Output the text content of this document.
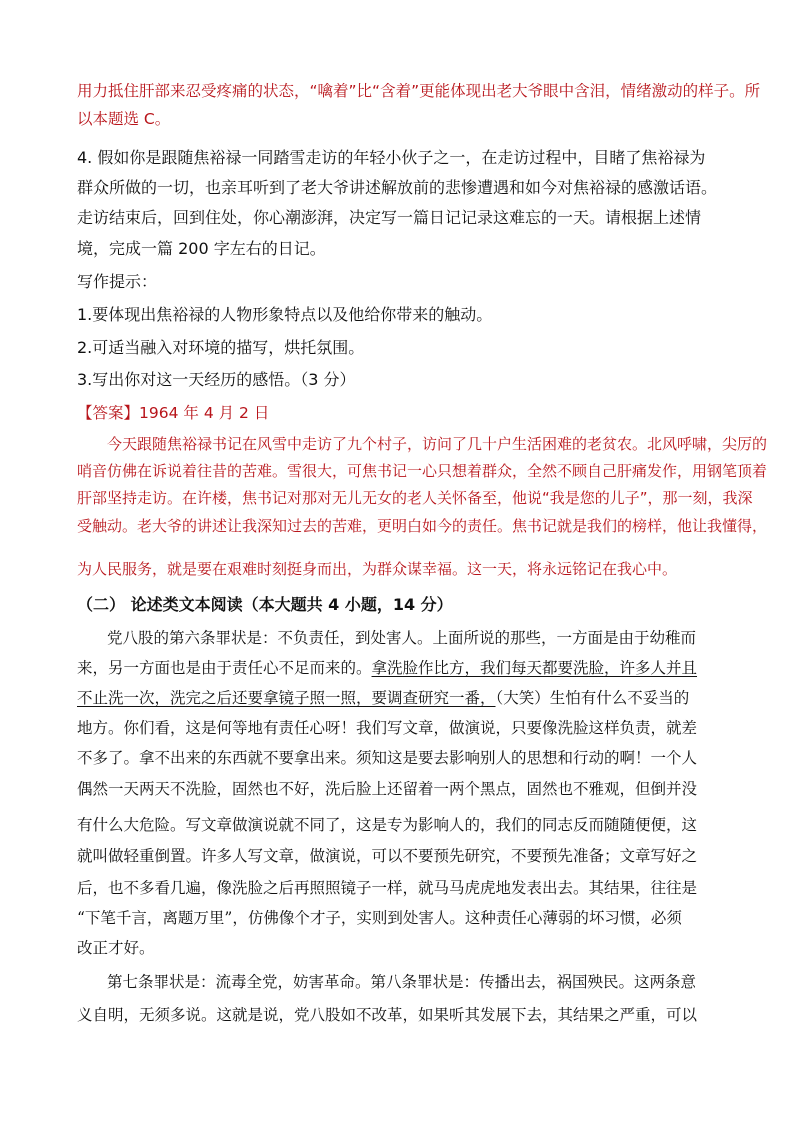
用力抵住肝部来忍受疼痛的状态，“噙着”比“含着”更能体现出老大爷眼中含泪，情绪激动的样子。所
以本题选 C。
4. 假如你是跟随焦裕禄一同踏雪走访的年轻小伙子之一，在走访过程中，目睹了焦裕禄为
群众所做的一切，也亲耳听到了老大爷讲述解放前的悲惨遭遇和如今对焦裕禄的感激话语。
走访结束后，回到住处，你心潮澎湃，决定写一篇日记记录这难忘的一天。请根据上述情
境，完成一篇 200 字左右的日记。
写作提示：
1.要体现出焦裕禄的人物形象特点以及他给你带来的触动。
2.可适当融入对环境的描写，烘托氛围。
3.写出你对这一天经历的感悟。（3 分）
【答案】1964 年 4 月 2 日
今天跟随焦裕禄书记在风雪中走访了九个村子，访问了几十户生活困难的老贫农。北风呼啸，尖厉的
哨音仿佛在诉说着往昔的苦难。雪很大，可焦书记一心只想着群众，全然不顾自己肝痛发作，用钢笔顶着
肝部坚持走访。在许楼，焦书记对那对无儿无女的老人关怀备至，他说“我是您的儿子”，那一刻，我深
受触动。老大爷的讲述让我深知过去的苦难，更明白如今的责任。焦书记就是我们的榜样，他让我懂得，
为人民服务，就是要在艰难时刻挺身而出，为群众谋幸福。这一天，将永远铭记在我心中。
（二） 论述类文本阅读（本大题共 4 小题，14 分）
党八股的第六条罪状是：不负责任，到处害人。上面所说的那些，一方面是由于幼稚而
来，另一方面也是由于责任心不足而来的。拿洗脸作比方，我们每天都要洗脸，许多人并且
不止洗一次，洗完之后还要拿镜子照一照，要调查研究一番，（大笑）生怕有什么不妥当的
地方。你们看，这是何等地有责任心呀！我们写文章，做演说，只要像洗脸这样负责，就差
不多了。拿不出来的东西就不要拿出来。须知这是要去影响别人的思想和行动的啊！一个人
偶然一天两天不洗脸，固然也不好，洗后脸上还留着一两个黑点，固然也不雅观，但倒并没
有什么大危险。写文章做演说就不同了，这是专为影响人的，我们的同志反而随随便便，这
就叫做轻重倒置。许多人写文章，做演说，可以不要预先研究，不要预先准备；文章写好之
后，也不多看几遍，像洗脸之后再照照镜子一样，就马马虎虎地发表出去。其结果，往往是
“下笔千言，离题万里”，仿佛像个才子，实则到处害人。这种责任心薄弱的坏习惯，必须
改正才好。
第七条罪状是：流毒全党，妨害革命。第八条罪状是：传播出去，祸国殃民。这两条意
义自明，无须多说。这就是说，党八股如不改革，如果听其发展下去，其结果之严重，可以
